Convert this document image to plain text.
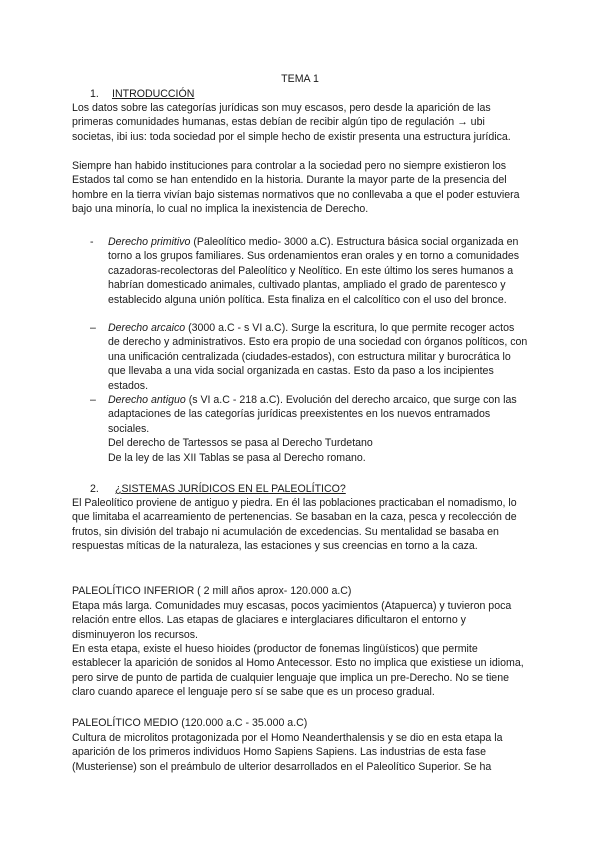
TEMA 1
1. INTRODUCCIÓN

Los datos sobre las categorías jurídicas son muy escasos, pero desde la aparición de las primeras comunidades humanas, estas debían de recibir algún tipo de regulación → ubi societas, ibi ius: toda sociedad por el simple hecho de existir presenta una estructura jurídica.

Siempre han habido instituciones para controlar a la sociedad pero no siempre existieron los Estados tal como se han entendido en la historia. Durante la mayor parte de la presencia del hombre en la tierra vivían bajo sistemas normativos que no conllevaba a que el poder estuviera bajo una minoría, lo cual no implica la inexistencia de Derecho.

- Derecho primitivo (Paleolítico medio- 3000 a.C). Estructura básica social organizada en torno a los grupos familiares. Sus ordenamientos eran orales y en torno a comunidades cazadoras-recolectoras del Paleolítico y Neolítico. En este último los seres humanos a habrían domesticado animales, cultivado plantas, ampliado el grado de parentesco y establecido alguna unión política. Esta finaliza en el calcolítico con el uso del bronce.
– Derecho arcaico (3000 a.C - s VI a.C). Surge la escritura, lo que permite recoger actos de derecho y administrativos. Esto era propio de una sociedad con órganos políticos, con una unificación centralizada (ciudades-estados), con estructura militar y burocrática lo que llevaba a una vida social organizada en castas. Esto da paso a los incipientes estados.
– Derecho antiguo (s VI a.C - 218 a.C). Evolución del derecho arcaico, que surge con las adaptaciones de las categorías jurídicas preexistentes en los nuevos entramados sociales.
Del derecho de Tartessos se pasa al Derecho Turdetano
De la ley de las XII Tablas se pasa al Derecho romano.
2. ¿SISTEMAS JURÍDICOS EN EL PALEOLÍTICO?

El Paleolítico proviene de antiguo y piedra. En él las poblaciones practicaban el nomadismo, lo que limitaba el acarreamiento de pertenencias. Se basaban en la caza, pesca y recolección de frutos, sin división del trabajo ni acumulación de excedencias. Su mentalidad se basaba en respuestas míticas de la naturaleza, las estaciones y sus creencias en torno a la caza.

PALEOLÍTICO INFERIOR ( 2 mill años aprox- 120.000 a.C)

Etapa más larga. Comunidades muy escasas, pocos yacimientos (Atapuerca) y tuvieron poca relación entre ellos. Las etapas de glaciares e interglaciares dificultaron el entorno y disminuyeron los recursos.

En esta etapa, existe el hueso hioides (productor de fonemas lingüísticos) que permite establecer la aparición de sonidos al Homo Antecessor. Esto no implica que existiese un idioma, pero sirve de punto de partida de cualquier lenguaje que implica un pre-Derecho. No se tiene claro cuando aparece el lenguaje pero sí se sabe que es un proceso gradual.

PALEOLÍTICO MEDIO (120.000 a.C - 35.000 a.C)

Cultura de microlitos protagonizada por el Homo Neanderthalensis y se dio en esta etapa la aparición de los primeros individuos Homo Sapiens Sapiens. Las industrias de esta fase (Musteriense) son el preámbulo de ulterior desarrollados en el Paleolítico Superior. Se ha
